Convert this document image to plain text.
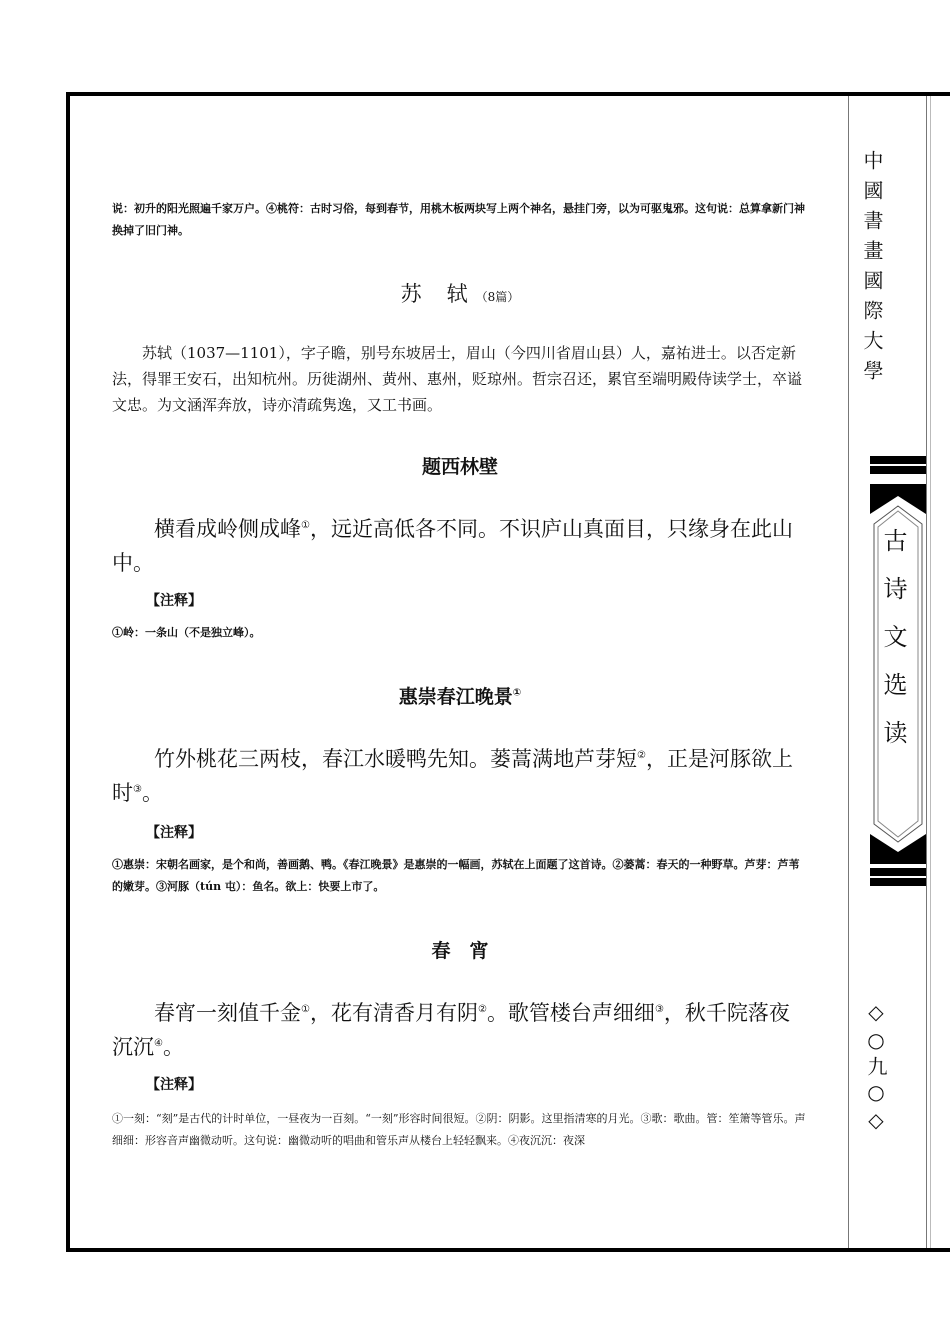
中國書畫國際大學
古诗文选读
◇○九○◇
说：初升的阳光照遍千家万户。④桃符：古时习俗，每到春节，用桃木板两块写上两个神名，悬挂门旁，以为可驱鬼邪。这句说：总算拿新门神换掉了旧门神。
苏　轼 （8篇）
苏轼（1037—1101），字子瞻，别号东坡居士，眉山（今四川省眉山县）人，嘉祐进士。以否定新法，得罪王安石，出知杭州。历徙湖州、黄州、惠州，贬琼州。哲宗召还，累官至端明殿侍读学士，卒谥文忠。为文涵浑奔放，诗亦清疏隽逸，又工书画。
题西林壁
横看成岭侧成峰①，远近高低各不同。不识庐山真面目，只缘身在此山中。
【注释】
①岭：一条山（不是独立峰）。
惠崇春江晚景①
竹外桃花三两枝，春江水暖鸭先知。蒌蒿满地芦芽短②，正是河豚欲上时③。
【注释】
①惠崇：宋朝名画家，是个和尚，善画鹅、鸭。《春江晚景》是惠崇的一幅画，苏轼在上面题了这首诗。②蒌蒿：春天的一种野草。芦芽：芦苇的嫩芽。③河豚（tún 屯）：鱼名。欲上：快要上市了。
春　宵
春宵一刻值千金①，花有清香月有阴②。歌管楼台声细细③，秋千院落夜沉沉④。
【注释】
①一刻：“刻”是古代的计时单位，一昼夜为一百刻。“一刻”形容时间很短。②阴：阴影。这里指清寒的月光。③歌：歌曲。管：笙箫等管乐。声细细：形容音声幽微动听。这句说：幽微动听的唱曲和管乐声从楼台上轻轻飘来。④夜沉沉：夜深
